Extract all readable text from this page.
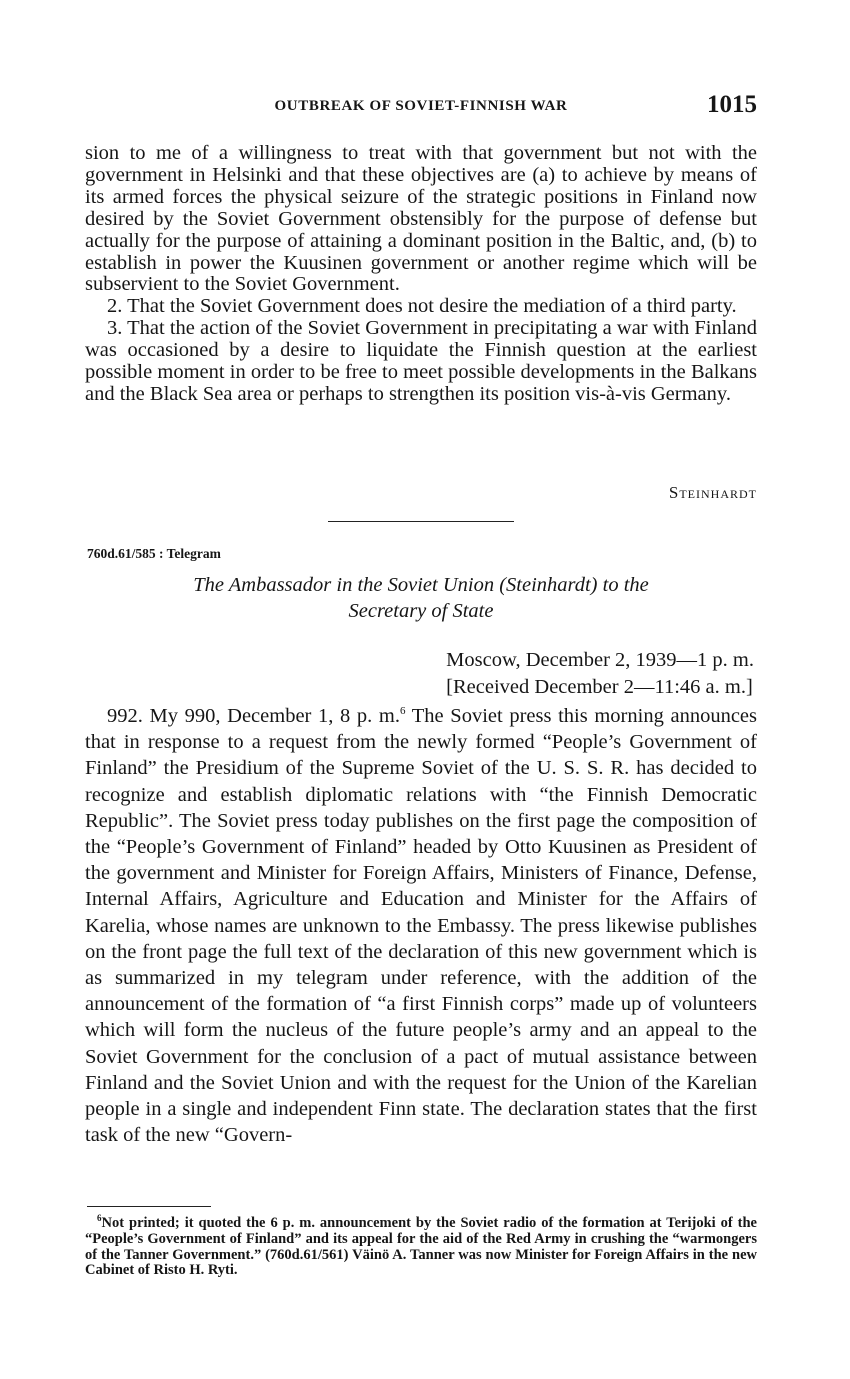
OUTBREAK OF SOVIET-FINNISH WAR	1015

sion to me of a willingness to treat with that government but not with the government in Helsinki and that these objectives are (a) to achieve by means of its armed forces the physical seizure of the strategic positions in Finland now desired by the Soviet Government obstensibly for the purpose of defense but actually for the purpose of attaining a dominant position in the Baltic, and, (b) to establish in power the Kuusinen government or another regime which will be subservient to the Soviet Government.

2. That the Soviet Government does not desire the mediation of a third party.

3. That the action of the Soviet Government in precipitating a war with Finland was occasioned by a desire to liquidate the Finnish question at the earliest possible moment in order to be free to meet possible developments in the Balkans and the Black Sea area or perhaps to strengthen its position vis-à-vis Germany.

Steinhardt
760d.61/585 : Telegram
The Ambassador in the Soviet Union (Steinhardt) to the
Secretary of State
Moscow, December 2, 1939—1 p. m.
[Received December 2—11:46 a. m.]

992. My 990, December 1, 8 p. m.$^6$ The Soviet press this morning announces that in response to a request from the newly formed “People’s Government of Finland” the Presidium of the Supreme Soviet of the U. S. S. R. has decided to recognize and establish diplomatic relations with “the Finnish Democratic Republic”. The Soviet press today publishes on the first page the composition of the “People’s Government of Finland” headed by Otto Kuusinen as President of the government and Minister for Foreign Affairs, Ministers of Finance, Defense, Internal Affairs, Agriculture and Education and Minister for the Affairs of Karelia, whose names are unknown to the Embassy. The press likewise publishes on the front page the full text of the declaration of this new government which is as summarized in my telegram under reference, with the addition of the announcement of the formation of “a first Finnish corps” made up of volunteers which will form the nucleus of the future people’s army and an appeal to the Soviet Government for the conclusion of a pact of mutual assistance between Finland and the Soviet Union and with the request for the Union of the Karelian people in a single and independent Finn state. The declaration states that the first task of the new “Govern-

$^6$Not printed; it quoted the 6 p. m. announcement by the Soviet radio of the formation at Terijoki of the “People’s Government of Finland” and its appeal for the aid of the Red Army in crushing the “warmongers of the Tanner Government.” (760d.61/561) Väinö A. Tanner was now Minister for Foreign Affairs in the new Cabinet of Risto H. Ryti.
